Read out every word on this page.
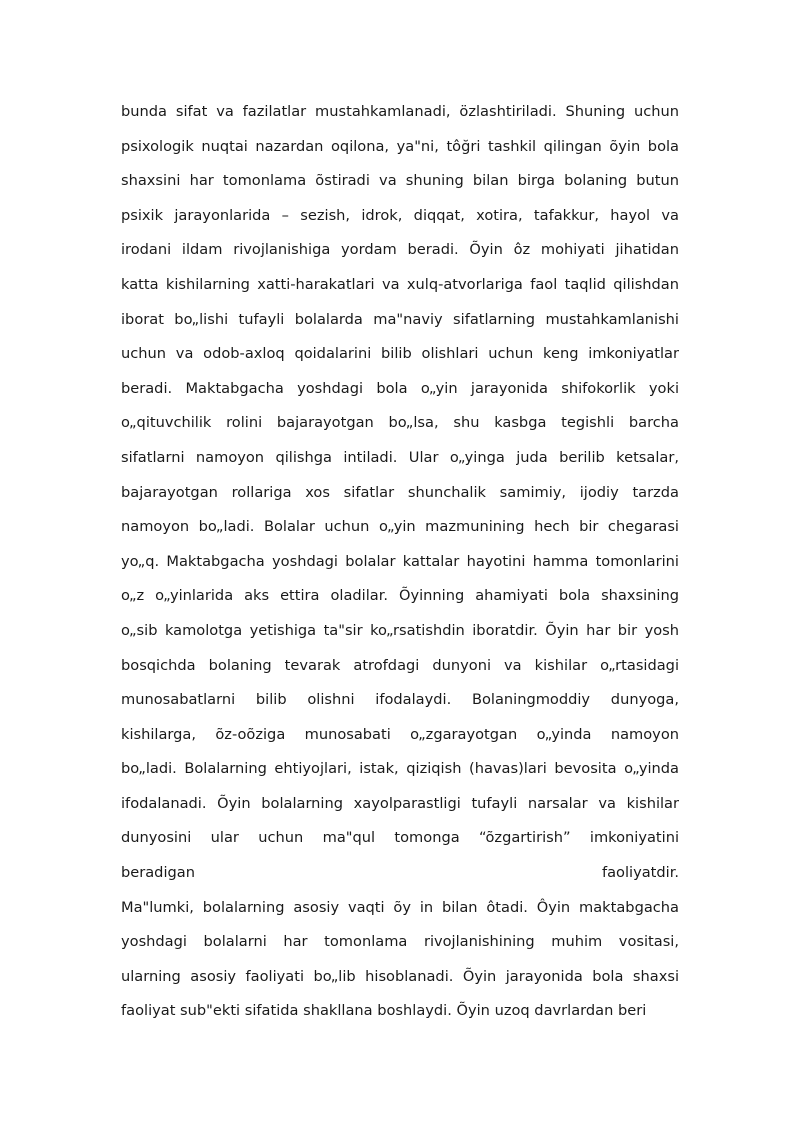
bunda sifat va fazilatlar mustahkamlanadi, özlashtiriladi. Shuning uchun
psixologik nuqtai nazardan oqilona, ya"ni, tôğri tashkil qilingan õyin bola
shaxsini har tomonlama õstiradi va shuning bilan birga bolaning butun
psixik jarayonlarida – sezish, idrok, diqqat, xotira, tafakkur, hayol va
irodani ildam rivojlanishiga yordam beradi. Õyin ôz mohiyati jihatidan
katta kishilarning xatti-harakatlari va xulq-atvorlariga faol taqlid qilishdan
iborat bo„lishi tufayli bolalarda ma"naviy sifatlarning mustahkamlanishi
uchun va odob-axloq qoidalarini bilib olishlari uchun keng imkoniyatlar
beradi. Maktabgacha yoshdagi bola o„yin jarayonida shifokorlik yoki
o„qituvchilik rolini bajarayotgan bo„lsa, shu kasbga tegishli barcha
sifatlarni namoyon qilishga intiladi. Ular o„yinga juda berilib ketsalar,
bajarayotgan rollariga xos sifatlar shunchalik samimiy, ijodiy tarzda
namoyon bo„ladi. Bolalar uchun o„yin mazmunining hech bir chegarasi
yo„q. Maktabgacha yoshdagi bolalar kattalar hayotini hamma tomonlarini
o„z o„yinlarida aks ettira oladilar. Õyinning ahamiyati bola shaxsining
o„sib kamolotga yetishiga ta"sir ko„rsatishdin iboratdir. Õyin har bir yosh
bosqichda bolaning tevarak atrofdagi dunyoni va kishilar o„rtasidagi
munosabatlarni bilib olishni ifodalaydi. Bolaningmoddiy dunyoga,
kishilarga, õz-oõziga munosabati o„zgarayotgan o„yinda namoyon
bo„ladi. Bolalarning ehtiyojlari, istak, qiziqish (havas)lari bevosita o„yinda
ifodalanadi. Õyin bolalarning xayolparastligi tufayli narsalar va kishilar
dunyosini ular uchun ma"qul tomonga “õzgartirish” imkoniyatini
beradigan faoliyatdir.
Ma"lumki, bolalarning asosiy vaqti õy in bilan ôtadi. Ôyin maktabgacha
yoshdagi bolalarni har tomonlama rivojlanishining muhim vositasi,
ularning asosiy faoliyati bo„lib hisoblanadi. Õyin jarayonida bola shaxsi
faoliyat sub"ekti sifatida shakllana boshlaydi. Õyin uzoq davrlardan beri
